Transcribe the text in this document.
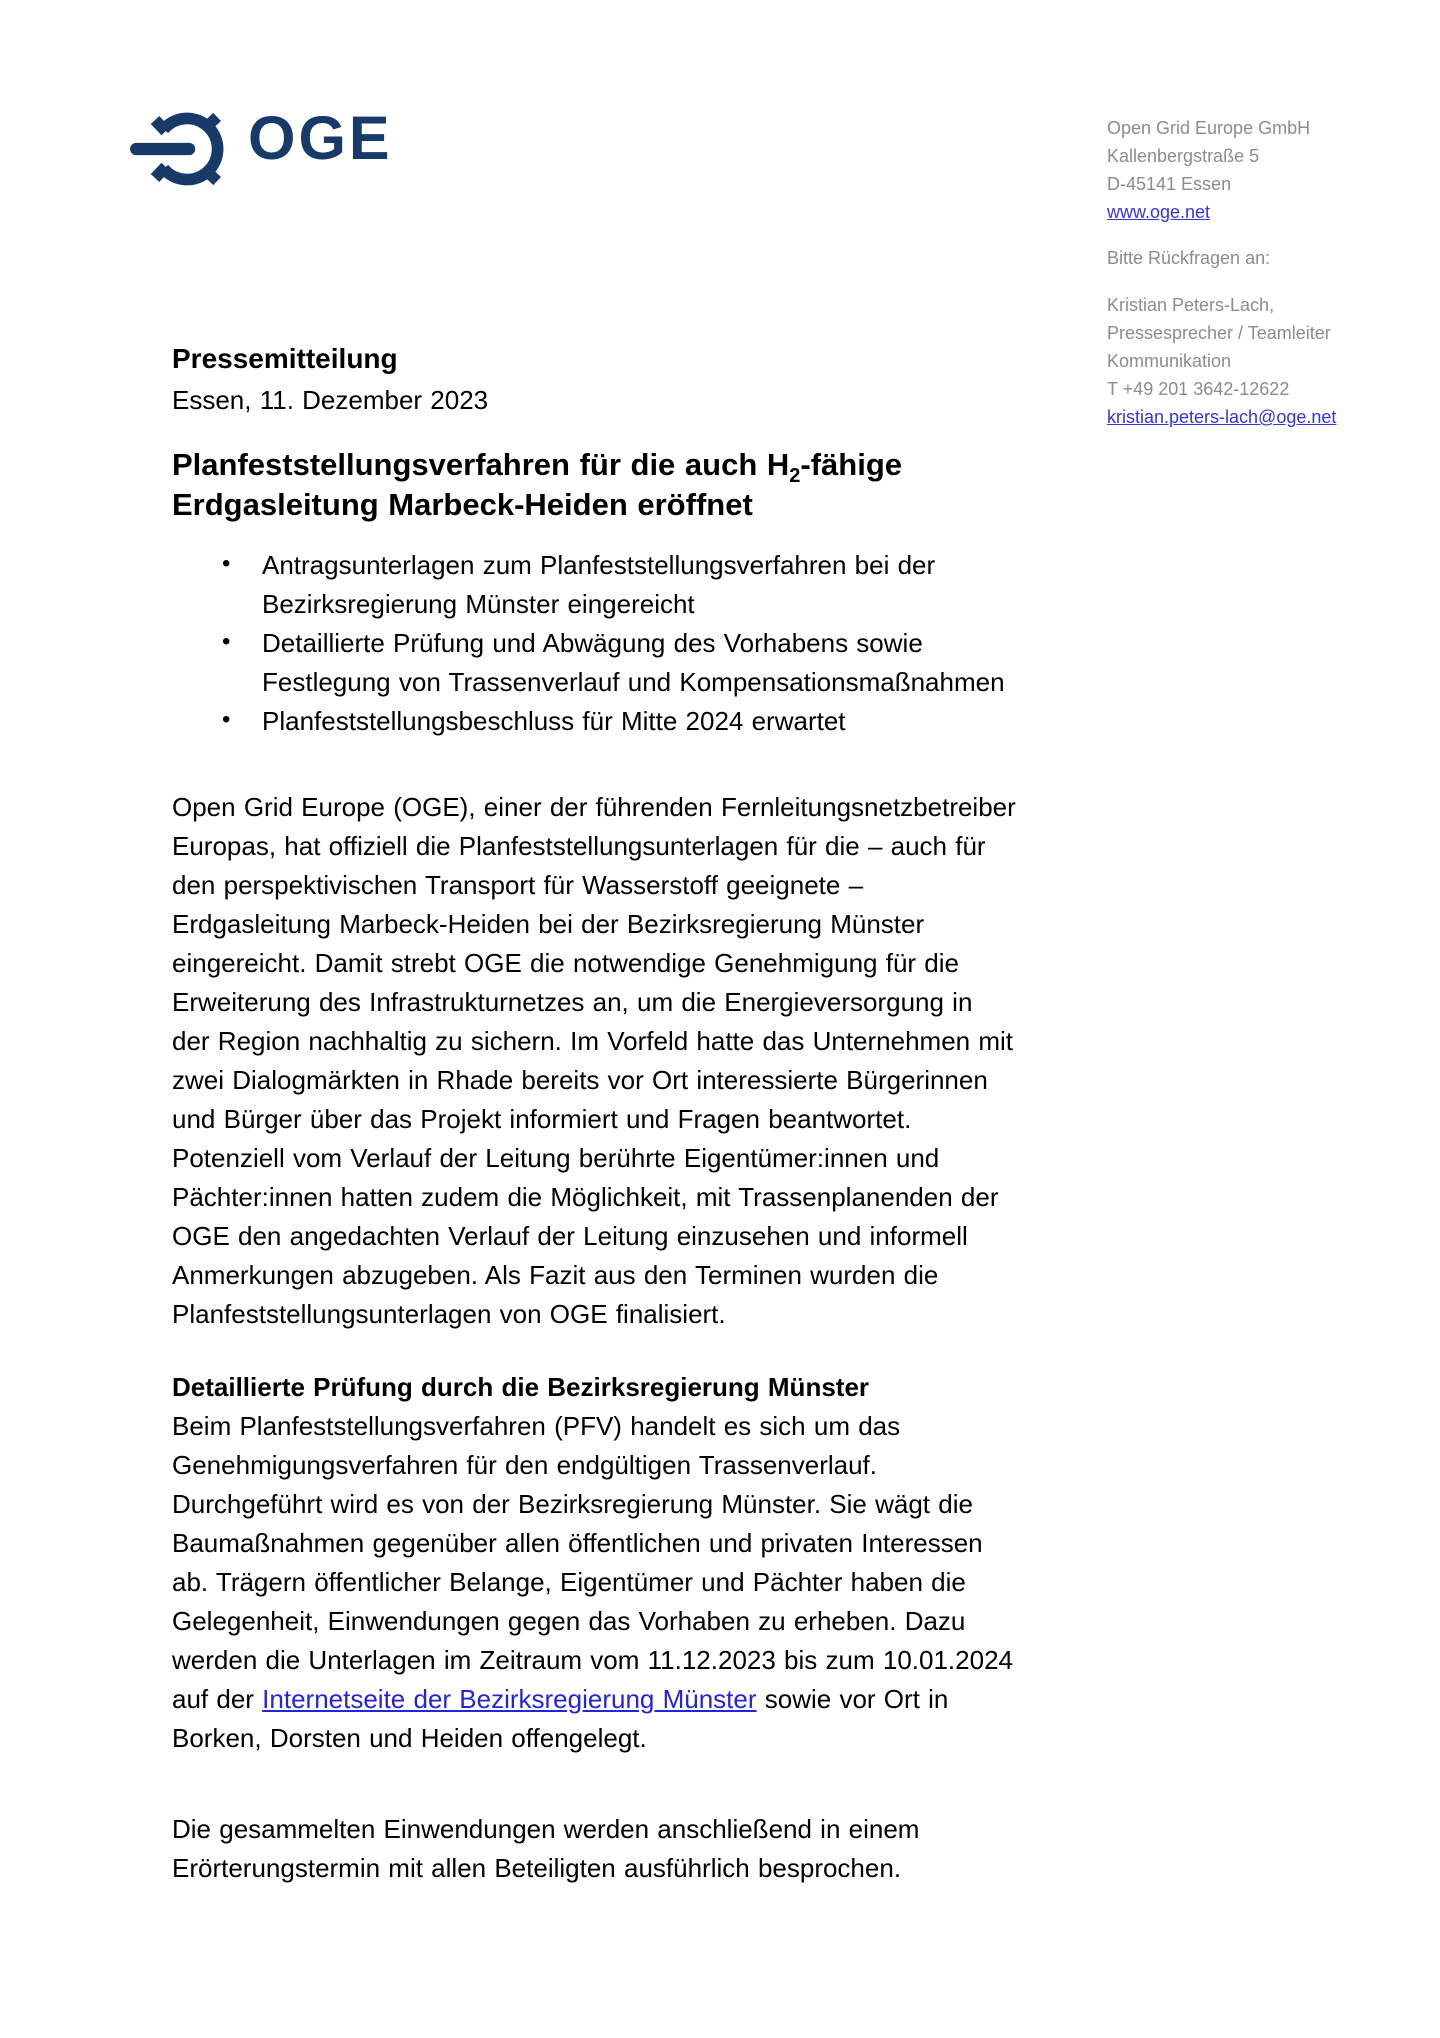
OGE	Open Grid Europe GmbH
Kallenbergstraße 5
D-45141 Essen
www.oge.net
Bitte Rückfragen an:
Kristian Peters-Lach,
Pressesprecher / Teamleiter
Kommunikation
T +49 201 3642-12622
kristian.peters-lach@oge.net
Pressemitteilung
Essen, 11. Dezember 2023
Planfeststellungsverfahren für die auch $H_2$-fähige
Erdgasleitung Marbeck-Heiden eröffnet
• Antragsunterlagen zum Planfeststellungsverfahren bei der
Bezirksregierung Münster eingereicht
• Detaillierte Prüfung und Abwägung des Vorhabens sowie
Festlegung von Trassenverlauf und Kompensationsmaßnahmen
• Planfeststellungsbeschluss für Mitte 2024 erwartet
Open Grid Europe (OGE), einer der führenden Fernleitungsnetzbetreiber
Europas, hat offiziell die Planfeststellungsunterlagen für die – auch für
den perspektivischen Transport für Wasserstoff geeignete –
Erdgasleitung Marbeck-Heiden bei der Bezirksregierung Münster
eingereicht. Damit strebt OGE die notwendige Genehmigung für die
Erweiterung des Infrastrukturnetzes an, um die Energieversorgung in
der Region nachhaltig zu sichern. Im Vorfeld hatte das Unternehmen mit
zwei Dialogmärkten in Rhade bereits vor Ort interessierte Bürgerinnen
und Bürger über das Projekt informiert und Fragen beantwortet.
Potenziell vom Verlauf der Leitung berührte Eigentümer:innen und
Pächter:innen hatten zudem die Möglichkeit, mit Trassenplanenden der
OGE den angedachten Verlauf der Leitung einzusehen und informell
Anmerkungen abzugeben. Als Fazit aus den Terminen wurden die
Planfeststellungsunterlagen von OGE finalisiert.
Detaillierte Prüfung durch die Bezirksregierung Münster
Beim Planfeststellungsverfahren (PFV) handelt es sich um das
Genehmigungsverfahren für den endgültigen Trassenverlauf.
Durchgeführt wird es von der Bezirksregierung Münster. Sie wägt die
Baumaßnahmen gegenüber allen öffentlichen und privaten Interessen
ab. Trägern öffentlicher Belange, Eigentümer und Pächter haben die
Gelegenheit, Einwendungen gegen das Vorhaben zu erheben. Dazu
werden die Unterlagen im Zeitraum vom 11.12.2023 bis zum 10.01.2024
auf der Internetseite der Bezirksregierung Münster sowie vor Ort in
Borken, Dorsten und Heiden offengelegt.
Die gesammelten Einwendungen werden anschließend in einem
Erörterungstermin mit allen Beteiligten ausführlich besprochen.
